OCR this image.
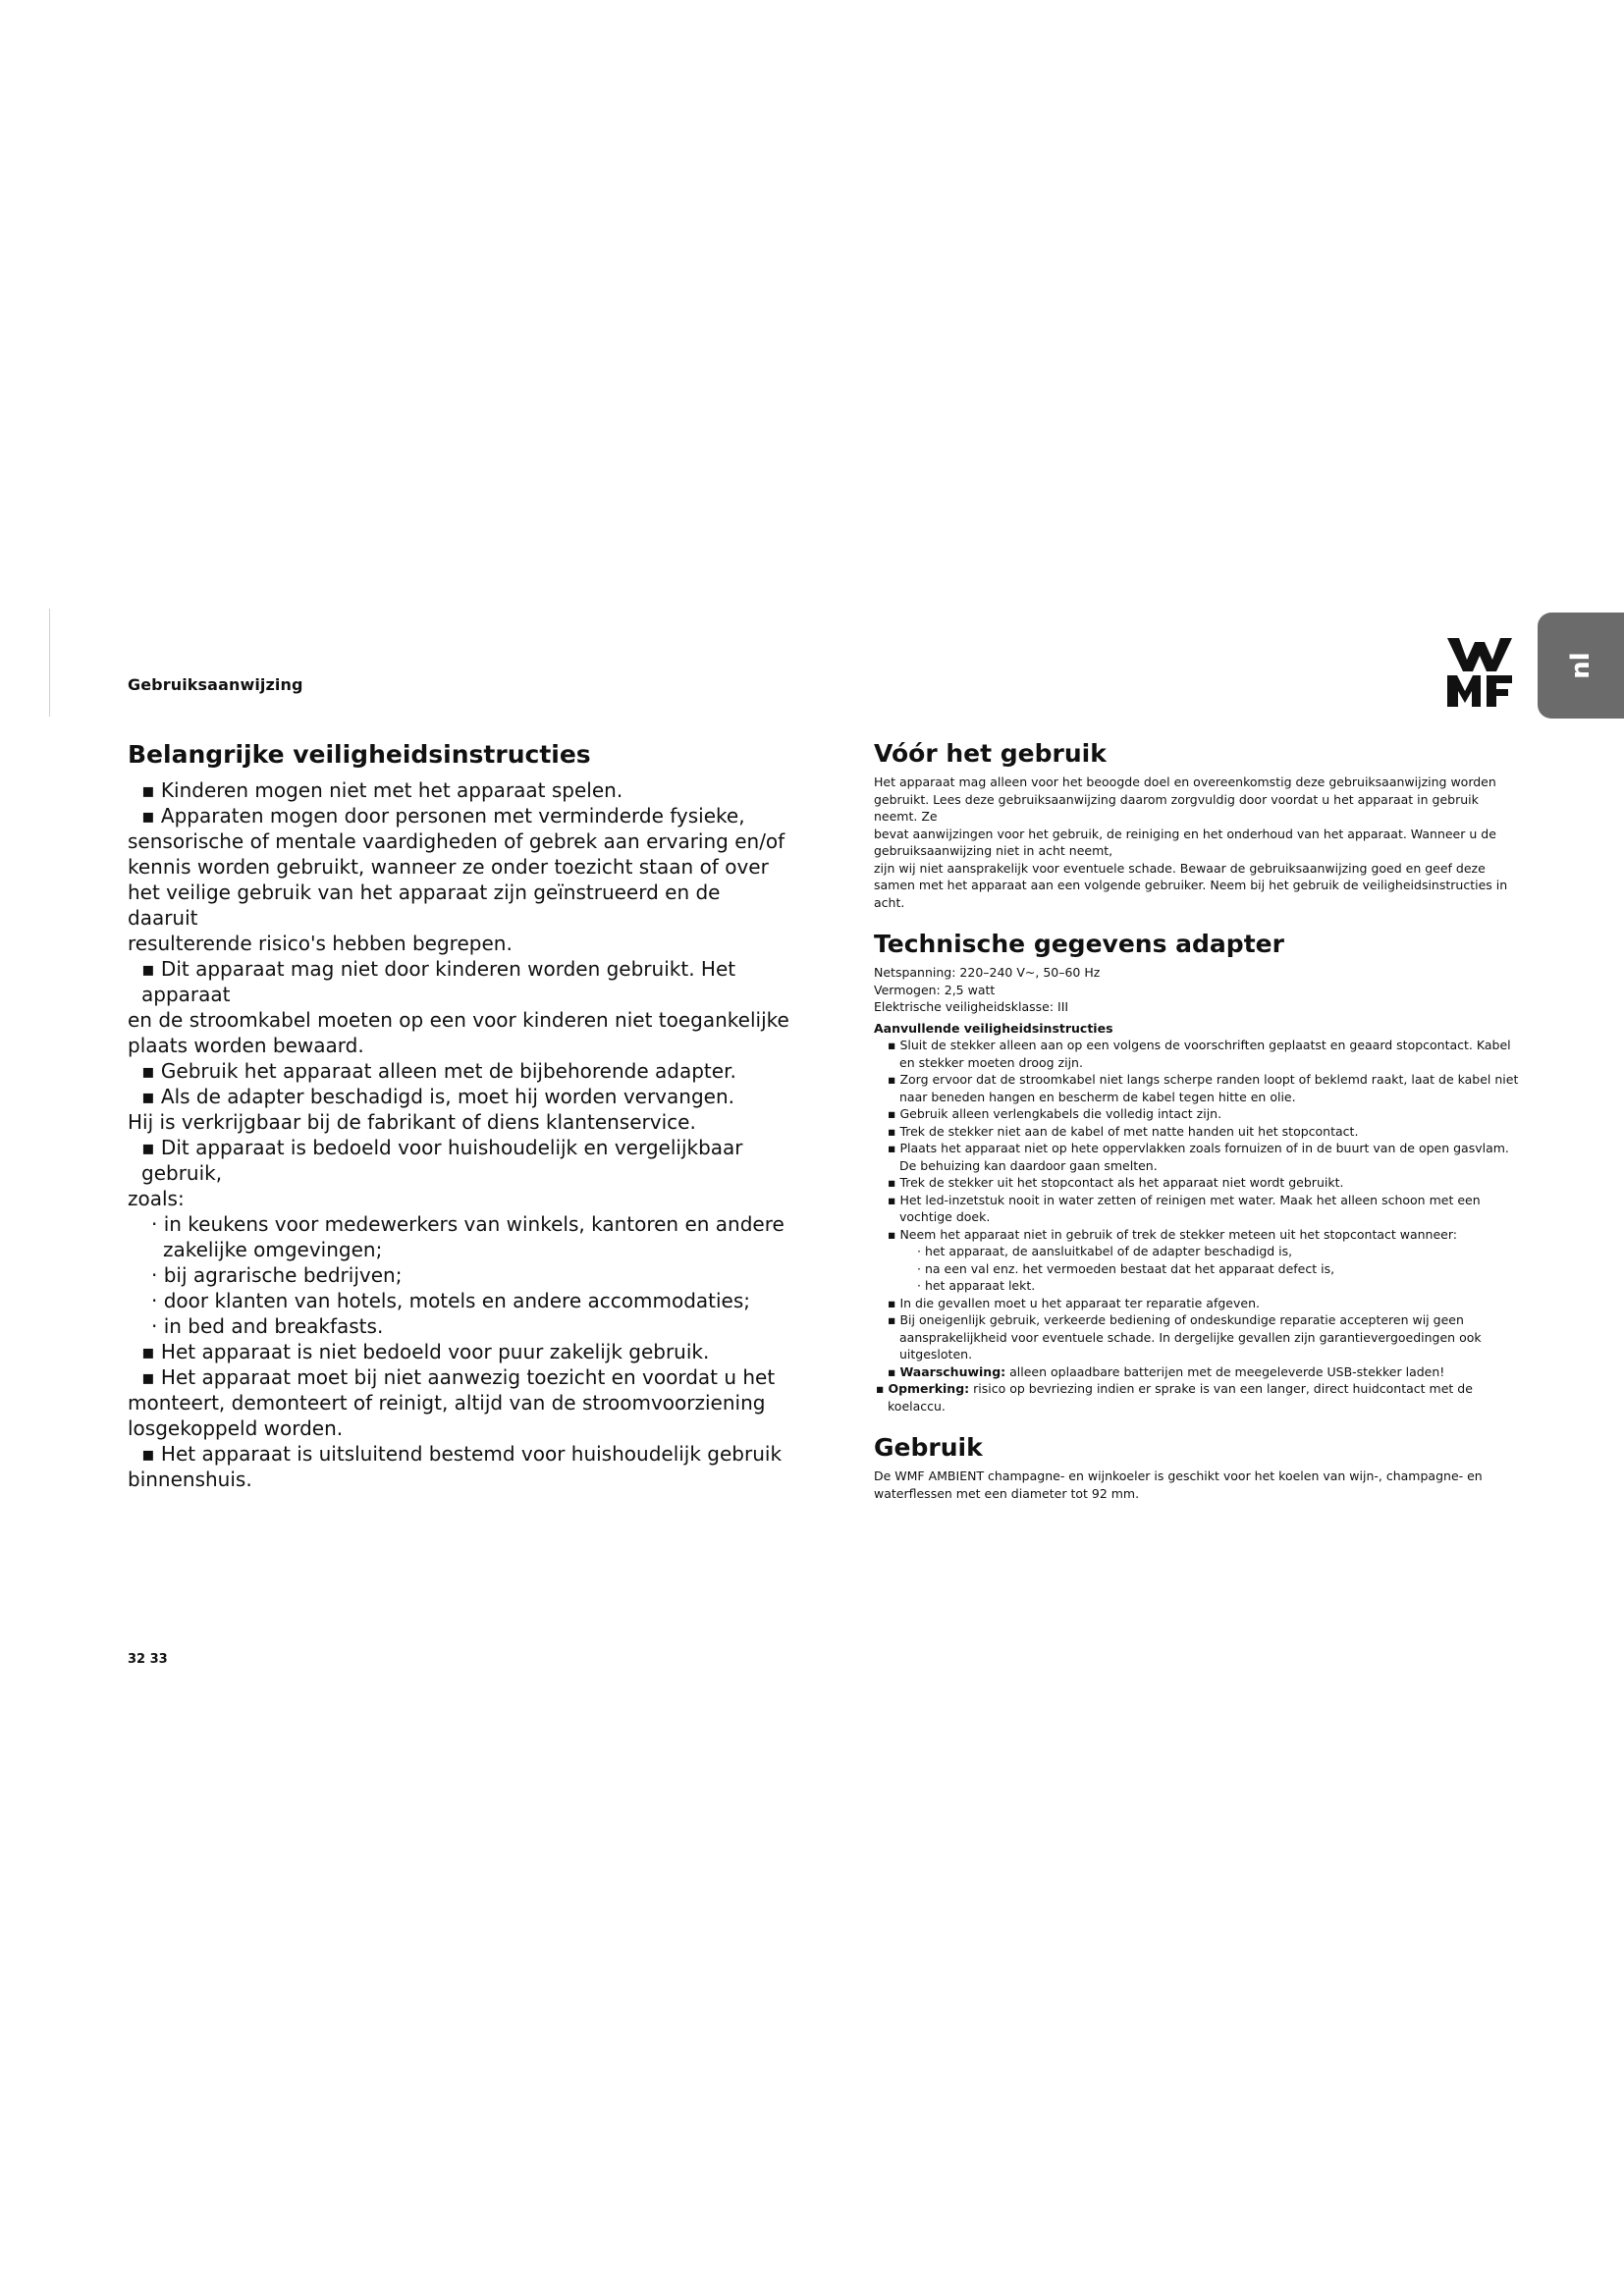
Gebruiksaanwijzing
nl
Belangrijke veiligheidsinstructies

▪ Kinderen mogen niet met het apparaat spelen.

▪ Apparaten mogen door personen met verminderde fysieke,

sensorische of mentale vaardigheden of gebrek aan ervaring en/of

kennis worden gebruikt, wanneer ze onder toezicht staan of over

het veilige gebruik van het apparaat zijn geïnstrueerd en de daaruit

resulterende risico's hebben begrepen.

▪ Dit apparaat mag niet door kinderen worden gebruikt. Het apparaat

en de stroomkabel moeten op een voor kinderen niet toegankelijke

plaats worden bewaard.

▪ Gebruik het apparaat alleen met de bijbehorende adapter.

▪ Als de adapter beschadigd is, moet hij worden vervangen.

Hij is verkrijgbaar bij de fabrikant of diens klantenservice.

▪ Dit apparaat is bedoeld voor huishoudelijk en vergelijkbaar gebruik,

zoals:

· in keukens voor medewerkers van winkels, kantoren en andere zakelijke omgevingen;

· bij agrarische bedrijven;

· door klanten van hotels, motels en andere accommodaties;

· in bed and breakfasts.

▪ Het apparaat is niet bedoeld voor puur zakelijk gebruik.

▪ Het apparaat moet bij niet aanwezig toezicht en voordat u het

monteert, demonteert of reinigt, altijd van de stroomvoorziening

losgekoppeld worden.

▪ Het apparaat is uitsluitend bestemd voor huishoudelijk gebruik

binnenshuis.

Vóór het gebruik

Het apparaat mag alleen voor het beoogde doel en overeenkomstig deze gebruiksaanwijzing worden

gebruikt. Lees deze gebruiksaanwijzing daarom zorgvuldig door voordat u het apparaat in gebruik

neemt. Ze

bevat aanwijzingen voor het gebruik, de reiniging en het onderhoud van het apparaat. Wanneer u de

gebruiksaanwijzing niet in acht neemt,

zijn wij niet aansprakelijk voor eventuele schade. Bewaar de gebruiksaanwijzing goed en geef deze

samen met het apparaat aan een volgende gebruiker. Neem bij het gebruik de veiligheidsinstructies in

acht.

Technische gegevens adapter

Netspanning: 220–240 V~, 50–60 Hz

Vermogen: 2,5 watt

Elektrische veiligheidsklasse: III

Aanvullende veiligheidsinstructies

▪ Sluit de stekker alleen aan op een volgens de voorschriften geplaatst en geaard stopcontact. Kabel en stekker moeten droog zijn.

▪ Zorg ervoor dat de stroomkabel niet langs scherpe randen loopt of beklemd raakt, laat de kabel niet naar beneden hangen en bescherm de kabel tegen hitte en olie.

▪ Gebruik alleen verlengkabels die volledig intact zijn.

▪ Trek de stekker niet aan de kabel of met natte handen uit het stopcontact.

▪ Plaats het apparaat niet op hete oppervlakken zoals fornuizen of in de buurt van de open gasvlam. De behuizing kan daardoor gaan smelten.

▪ Trek de stekker uit het stopcontact als het apparaat niet wordt gebruikt.

▪ Het led-inzetstuk nooit in water zetten of reinigen met water. Maak het alleen schoon met een vochtige doek.

▪ Neem het apparaat niet in gebruik of trek de stekker meteen uit het stopcontact wanneer:

· het apparaat, de aansluitkabel of de adapter beschadigd is,

· na een val enz. het vermoeden bestaat dat het apparaat defect is,

· het apparaat lekt.

▪ In die gevallen moet u het apparaat ter reparatie afgeven.

▪ Bij oneigenlijk gebruik, verkeerde bediening of ondeskundige reparatie accepteren wij geen aansprakelijkheid voor eventuele schade. In dergelijke gevallen zijn garantievergoedingen ook uitgesloten.

▪ Waarschuwing: alleen oplaadbare batterijen met de meegeleverde USB-stekker laden!

▪ Opmerking: risico op bevriezing indien er sprake is van een langer, direct huidcontact met de koelaccu.

Gebruik

De WMF AMBIENT champagne- en wijnkoeler is geschikt voor het koelen van wijn-, champagne- en

waterflessen met een diameter tot 92 mm.

32 33
